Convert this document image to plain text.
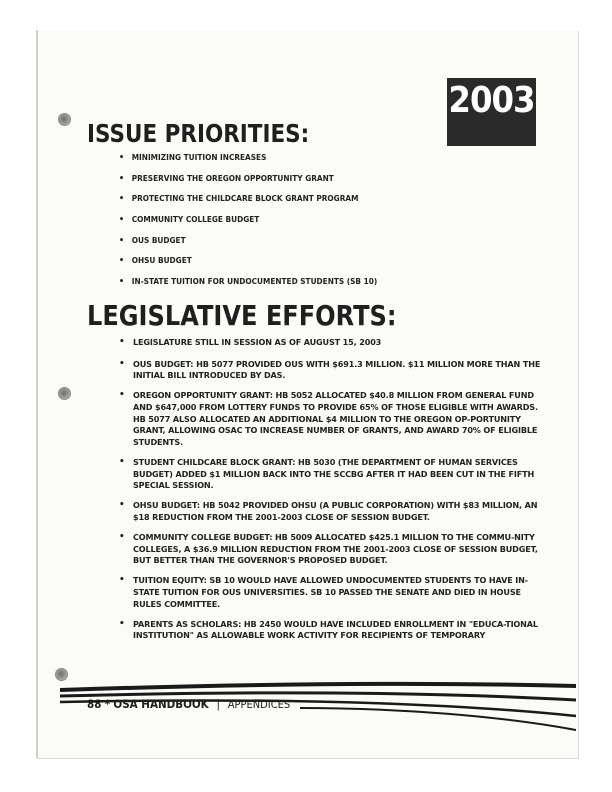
2003
ISSUE PRIORITIES:
• MINIMIZING TUITION INCREASES
• PRESERVING THE OREGON OPPORTUNITY GRANT
• PROTECTING THE CHILDCARE BLOCK GRANT PROGRAM
• COMMUNITY COLLEGE BUDGET
• OUS BUDGET
• OHSU BUDGET
• IN-STATE TUITION FOR UNDOCUMENTED STUDENTS (SB 10)
LEGISLATIVE EFFORTS:
• LEGISLATURE STILL IN SESSION AS OF AUGUST 15, 2003
• OUS BUDGET: HB 5077 PROVIDED OUS WITH $691.3 MILLION. $11 MILLION MORE THAN THE INITIAL BILL INTRODUCED BY DAS.
• OREGON OPPORTUNITY GRANT: HB 5052 ALLOCATED $40.8 MILLION FROM GENERAL FUND AND $647,000 FROM LOTTERY FUNDS TO PROVIDE 65% OF THOSE ELIGIBLE WITH AWARDS. HB 5077 ALSO ALLOCATED AN ADDITIONAL $4 MILLION TO THE OREGON OP-PORTUNITY GRANT, ALLOWING OSAC TO INCREASE NUMBER OF GRANTS, AND AWARD 70% OF ELIGIBLE STUDENTS.
• STUDENT CHILDCARE BLOCK GRANT: HB 5030 (THE DEPARTMENT OF HUMAN SERVICES BUDGET) ADDED $1 MILLION BACK INTO THE SCCBG AFTER IT HAD BEEN CUT IN THE FIFTH SPECIAL SESSION.
• OHSU BUDGET: HB 5042 PROVIDED OHSU (A PUBLIC CORPORATION) WITH $83 MILLION, AN $18 REDUCTION FROM THE 2001-2003 CLOSE OF SESSION BUDGET.
• COMMUNITY COLLEGE BUDGET: HB 5009 ALLOCATED $425.1 MILLION TO THE COMMU-NITY COLLEGES, A $36.9 MILLION REDUCTION FROM THE 2001-2003 CLOSE OF SESSION BUDGET, BUT BETTER THAN THE GOVERNOR'S PROPOSED BUDGET.
• TUITION EQUITY: SB 10 WOULD HAVE ALLOWED UNDOCUMENTED STUDENTS TO HAVE IN-STATE TUITION FOR OUS UNIVERSITIES. SB 10 PASSED THE SENATE AND DIED IN HOUSE RULES COMMITTEE.
• PARENTS AS SCHOLARS: HB 2450 WOULD HAVE INCLUDED ENROLLMENT IN "EDUCA-TIONAL INSTITUTION" AS ALLOWABLE WORK ACTIVITY FOR RECIPIENTS OF TEMPORARY
88 * OSA HANDBOOK | APPENDICES
